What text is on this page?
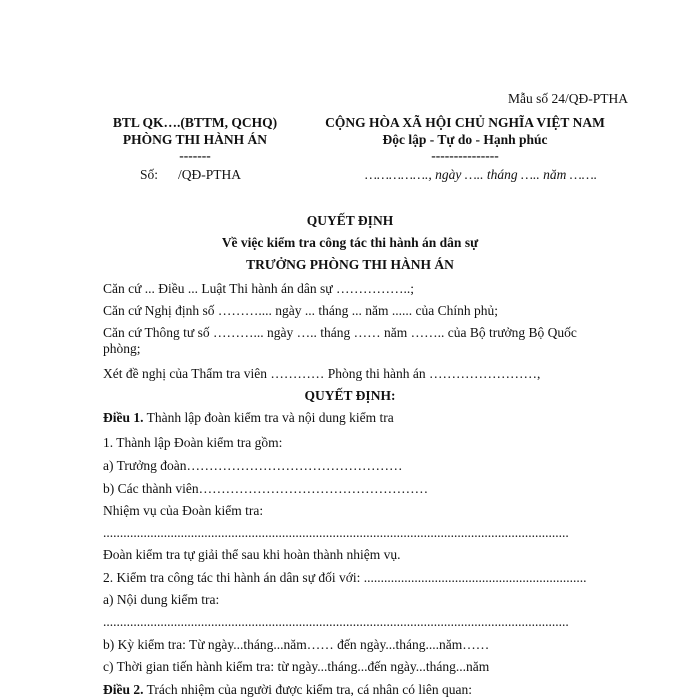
Mẫu số 24/QĐ-PTHA
BTL QK….(BTTM, QCHQ)
PHÒNG THI HÀNH ÁN
-------
CỘNG HÒA XÃ HỘI CHỦ NGHĨA VIỆT NAM
Độc lập - Tự do - Hạnh phúc
---------------
Số: /QĐ-PTHA	……………., ngày ….. tháng ….. năm …….
QUYẾT ĐỊNH
Về việc kiểm tra công tác thi hành án dân sự
TRƯỞNG PHÒNG THI HÀNH ÁN
Căn cứ ... Điều ... Luật Thi hành án dân sự ……………..;
Căn cứ Nghị định số ……….... ngày ... tháng ... năm ...... của Chính phủ;
Căn cứ Thông tư số ………... ngày ….. tháng …… năm …….. của Bộ trưởng Bộ Quốc phòng;
Xét đề nghị của Thẩm tra viên ………… Phòng thi hành án ……………………,
QUYẾT ĐỊNH:
Điều 1. Thành lập đoàn kiểm tra và nội dung kiểm tra
1. Thành lập Đoàn kiểm tra gồm:
a) Trưởng đoàn…………………………………………
b) Các thành viên……………………………………………
Nhiệm vụ của Đoàn kiểm tra:
..........................................................................................................................................
Đoàn kiểm tra tự giải thể sau khi hoàn thành nhiệm vụ.
2. Kiểm tra công tác thi hành án dân sự đối với: ..................................................................
a) Nội dung kiểm tra:
..........................................................................................................................................
b) Kỳ kiểm tra: Từ ngày...tháng...năm…… đến ngày...tháng....năm……
c) Thời gian tiến hành kiểm tra: từ ngày...tháng...đến ngày...tháng...năm
Điều 2. Trách nhiệm của người được kiểm tra, cá nhân có liên quan:
